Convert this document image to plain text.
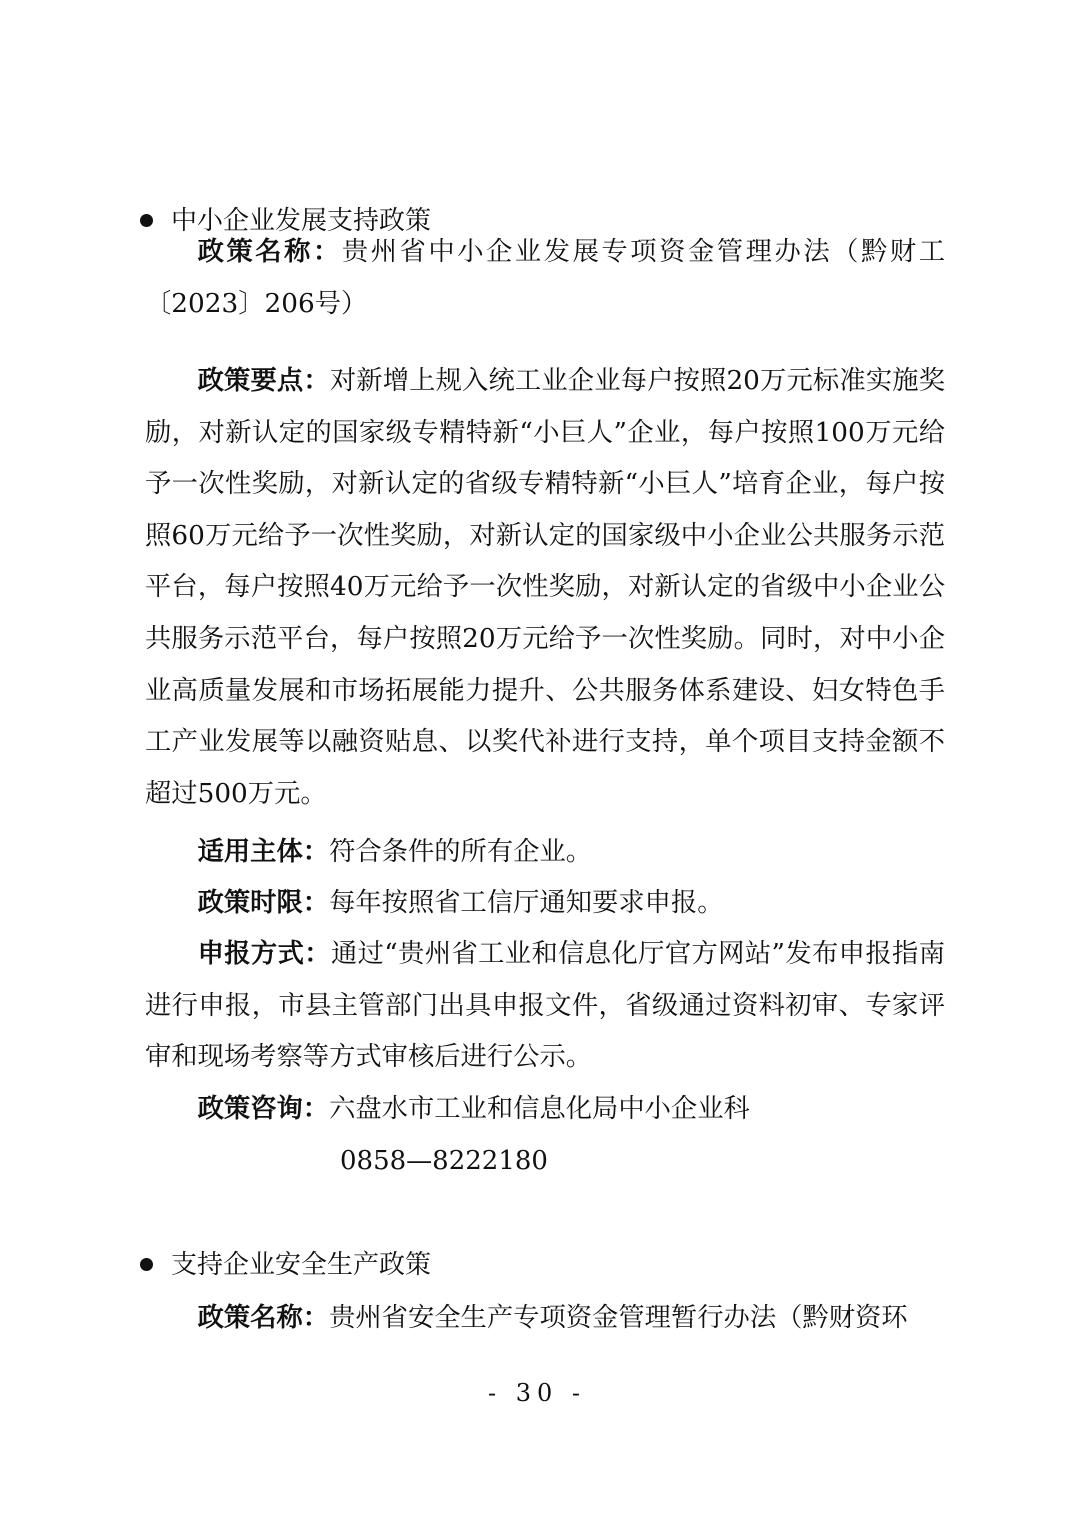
中小企业发展支持政策

政策名称：贵州省中小企业发展专项资金管理办法（黔财工〔2023〕206号）

政策要点：对新增上规入统工业企业每户按照20万元标准实施奖励，对新认定的国家级专精特新“小巨人”企业，每户按照100万元给予一次性奖励，对新认定的省级专精特新“小巨人”培育企业，每户按照60万元给予一次性奖励，对新认定的国家级中小企业公共服务示范平台，每户按照40万元给予一次性奖励，对新认定的省级中小企业公共服务示范平台，每户按照20万元给予一次性奖励。同时，对中小企业高质量发展和市场拓展能力提升、公共服务体系建设、妇女特色手工产业发展等以融资贴息、以奖代补进行支持，单个项目支持金额不超过500万元。

适用主体：符合条件的所有企业。

政策时限：每年按照省工信厅通知要求申报。

申报方式：通过“贵州省工业和信息化厅官方网站”发布申报指南进行申报，市县主管部门出具申报文件，省级通过资料初审、专家评审和现场考察等方式审核后进行公示。

政策咨询：六盘水市工业和信息化局中小企业科

0858—8222180
支持企业安全生产政策

政策名称：贵州省安全生产专项资金管理暂行办法（黔财资环

- 30 -
